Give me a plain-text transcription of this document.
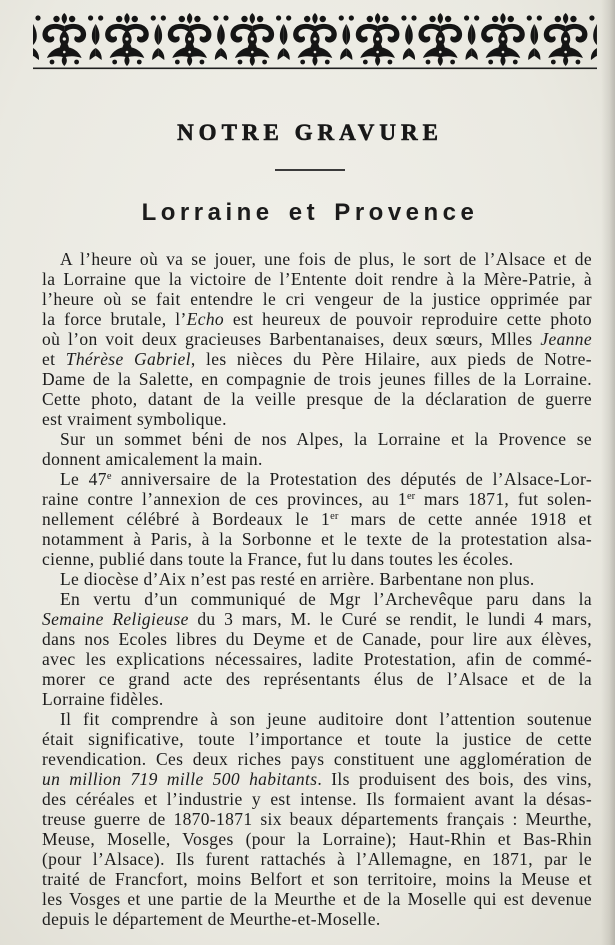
NOTRE GRAVURE
Lorraine et Provence
A l’heure où va se jouer, une fois de plus, le sort de l’Alsace et de
la Lorraine que la victoire de l’Entente doit rendre à la Mère-Patrie, à
l’heure où se fait entendre le cri vengeur de la justice opprimée par
la force brutale, l’Echo est heureux de pouvoir reproduire cette photo
où l’on voit deux gracieuses Barbentanaises, deux sœurs, Mlles Jeanne
et Thérèse Gabriel, les nièces du Père Hilaire, aux pieds de Notre-
Dame de la Salette, en compagnie de trois jeunes filles de la Lorraine.
Cette photo, datant de la veille presque de la déclaration de guerre
est vraiment symbolique.
Sur un sommet béni de nos Alpes, la Lorraine et la Provence se
donnent amicalement la main.
Le 47e anniversaire de la Protestation des députés de l’Alsace-Lor-
raine contre l’annexion de ces provinces, au 1er mars 1871, fut solen-
nellement célébré à Bordeaux le 1er mars de cette année 1918 et
notamment à Paris, à la Sorbonne et le texte de la protestation alsa-
cienne, publié dans toute la France, fut lu dans toutes les écoles.
Le diocèse d’Aix n’est pas resté en arrière. Barbentane non plus.
En vertu d’un communiqué de Mgr l’Archevêque paru dans la
Semaine Religieuse du 3 mars, M. le Curé se rendit, le lundi 4 mars,
dans nos Ecoles libres du Deyme et de Canade, pour lire aux élèves,
avec les explications nécessaires, ladite Protestation, afin de commé-
morer ce grand acte des représentants élus de l’Alsace et de la
Lorraine fidèles.
Il fit comprendre à son jeune auditoire dont l’attention soutenue
était significative, toute l’importance et toute la justice de cette
revendication. Ces deux riches pays constituent une agglomération de
un million 719 mille 500 habitants. Ils produisent des bois, des vins,
des céréales et l’industrie y est intense. Ils formaient avant la désas-
treuse guerre de 1870-1871 six beaux départements français : Meurthe,
Meuse, Moselle, Vosges (pour la Lorraine); Haut-Rhin et Bas-Rhin
(pour l’Alsace). Ils furent rattachés à l’Allemagne, en 1871, par le
traité de Francfort, moins Belfort et son territoire, moins la Meuse et
les Vosges et une partie de la Meurthe et de la Moselle qui est devenue
depuis le département de Meurthe-et-Moselle.
